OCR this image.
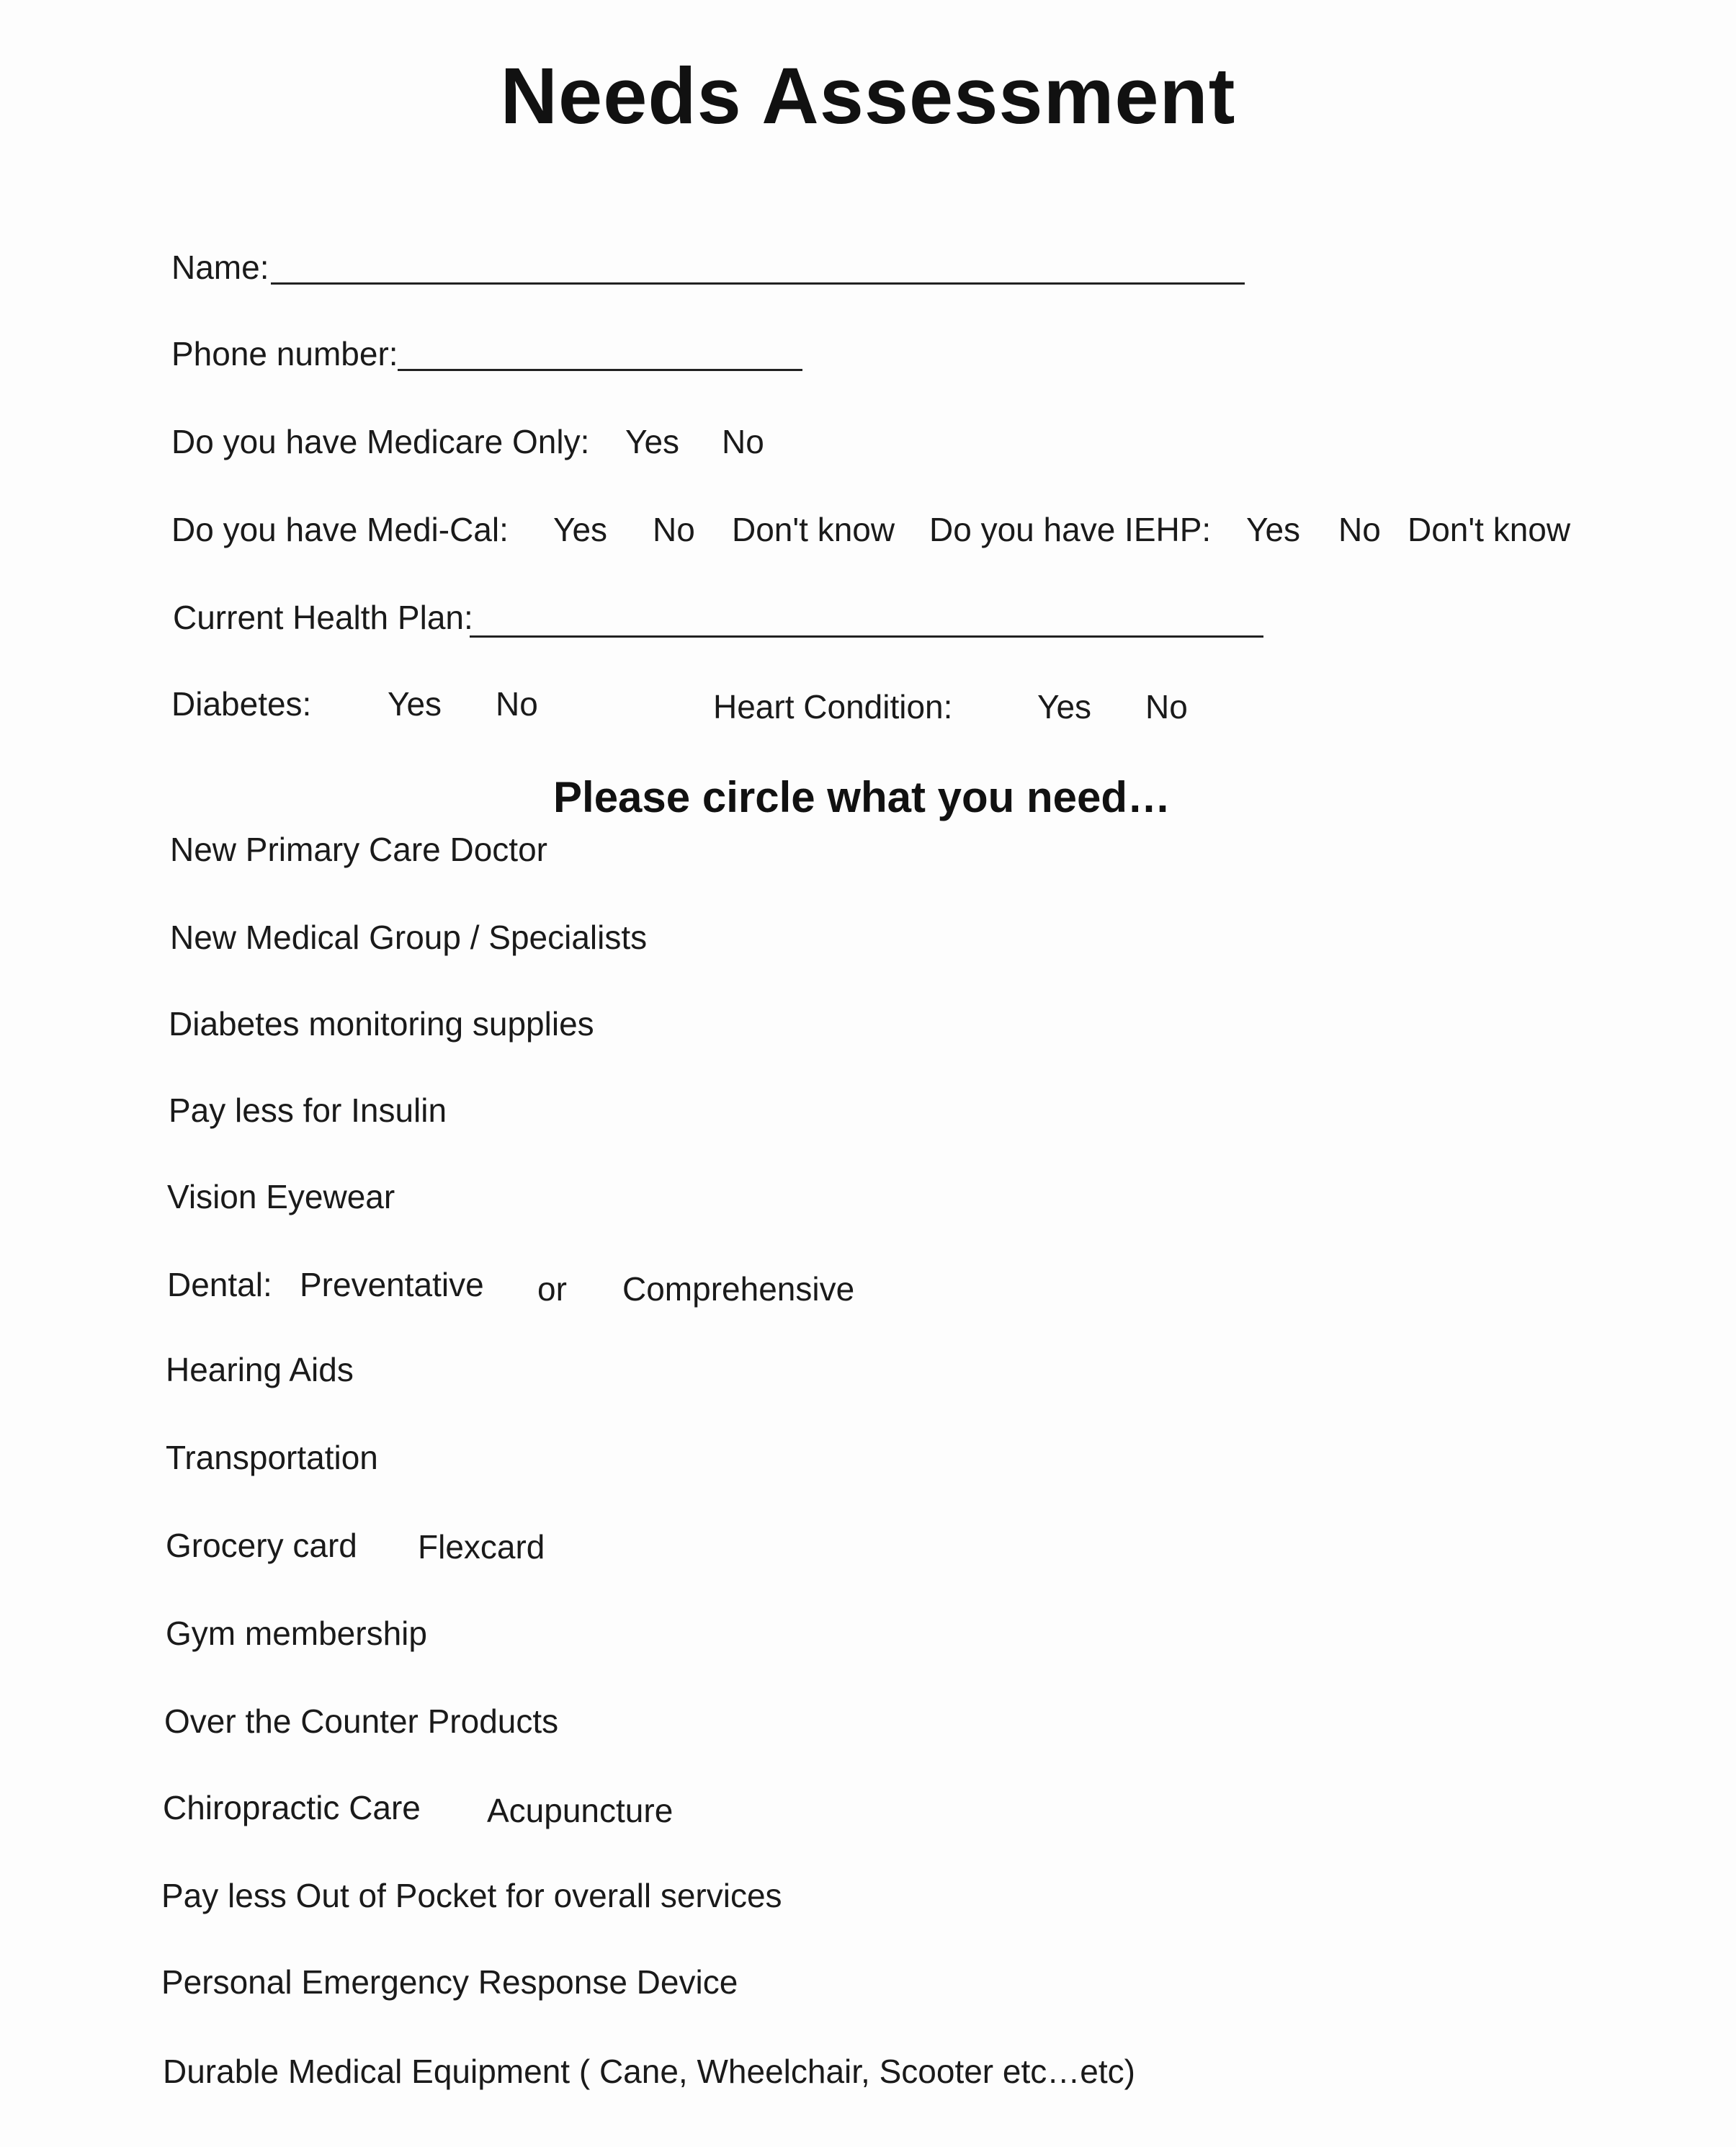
Needs Assessment
Name:
Phone number:
Do you have Medicare Only: Yes No
Do you have Medi-Cal: Yes No Don't know Do you have IEHP: Yes No Don't know
Current Health Plan:
Diabetes: Yes No	Heart Condition:	Yes No
Please circle what you need…
New Primary Care Doctor
New Medical Group / Specialists
Diabetes monitoring supplies
Pay less for Insulin
Vision Eyewear
Dental: Preventative or Comprehensive
Hearing Aids
Transportation
Grocery card Flexcard
Gym membership
Over the Counter Products
Chiropractic Care Acupuncture
Pay less Out of Pocket for overall services
Personal Emergency Response Device
Durable Medical Equipment ( Cane, Wheelchair, Scooter etc…etc)
